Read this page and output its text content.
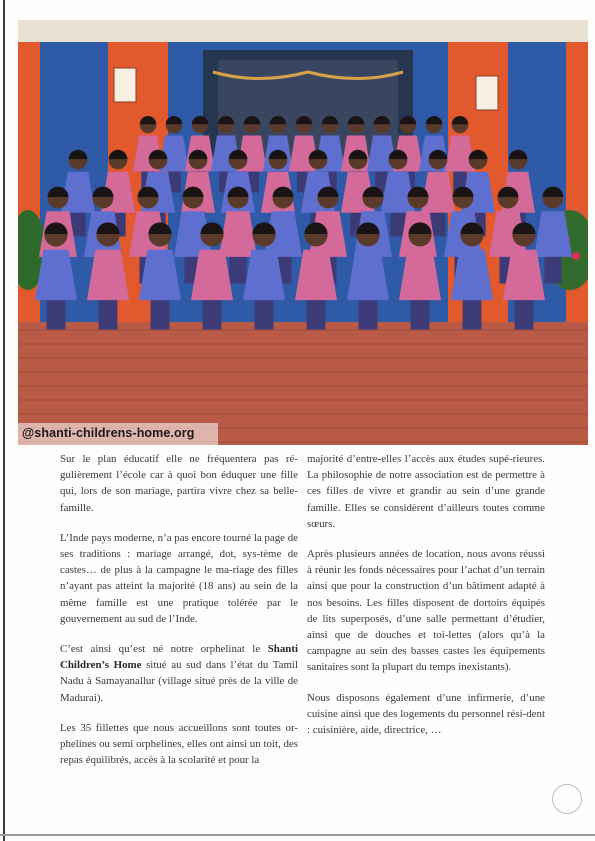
@shanti-childrens-home.org

Sur le plan éducatif elle ne fréquentera pas ré-gulièrement l’école car à quoi bon éduquer une fille qui, lors de son mariage, partira vivre chez sa belle-famille.

L’Inde pays moderne, n’a pas encore tourné la page de ses traditions : mariage arrangé, dot, sys-tème de castes… de plus à la campagne le ma-riage des filles n’ayant pas atteint la majorité (18 ans) au sein de la même famille est une pratique tolérée par le gouvernement au sud de l’Inde.

C’est ainsi qu’est né notre orphelinat le Shanti Children’s Home situé au sud dans l’état du Tamil Nadu à Samayanallur (village situé près de la ville de Madurai).

Les 35 fillettes que nous accueillons sont toutes or-phelines ou semi orphelines, elles ont ainsi un toit, des repas équilibrés, accès à la scolarité et pour la

majorité d’entre-elles l’accès aux études supé-rieures. La philosophie de notre association est de permettre à ces filles de vivre et grandir au sein d’une grande famille. Elles se considèrent d’ailleurs toutes comme sœurs.

Après plusieurs années de location, nous avons réussi à réunir les fonds nécessaires pour l’achat d’un terrain ainsi que pour la construction d’un bâtiment adapté à nos besoins. Les filles disposent de dortoirs équipés de lits superposés, d’une salle permettant d’étudier, ainsi que de douches et toi-lettes (alors qu’à la campagne au sein des basses castes les équipements sanitaires sont la plupart du temps inexistants).

Nous disposons également d’une infirmerie, d’une cuisine ainsi que des logements du personnel rési-dent : cuisinière, aide, directrice, …
